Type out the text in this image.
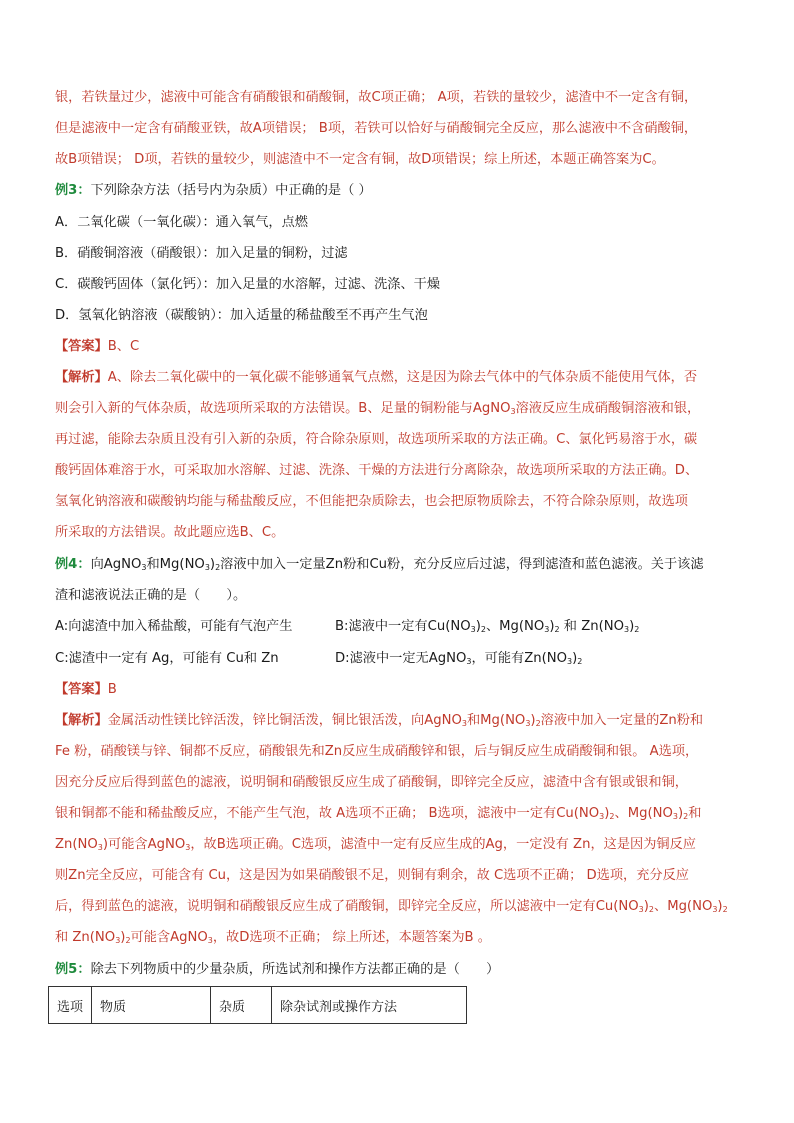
银，若铁量过少，滤液中可能含有硝酸银和硝酸铜，故C项正确； A项，若铁的量较少，滤渣中不一定含有铜，
但是滤液中一定含有硝酸亚铁，故A项错误； B项，若铁可以恰好与硝酸铜完全反应，那么滤液中不含硝酸铜，
故B项错误； D项，若铁的量较少，则滤渣中不一定含有铜，故D项错误；综上所述，本题正确答案为C。
例3：下列除杂方法（括号内为杂质）中正确的是（ ）
A．二氧化碳（一氧化碳）：通入氧气，点燃
B．硝酸铜溶液（硝酸银）：加入足量的铜粉，过滤
C．碳酸钙固体（氯化钙）：加入足量的水溶解，过滤、洗涤、干燥
D．氢氧化钠溶液（碳酸钠）：加入适量的稀盐酸至不再产生气泡
【答案】B、C
【解析】A、除去二氧化碳中的一氧化碳不能够通氧气点燃，这是因为除去气体中的气体杂质不能使用气体，否
则会引入新的气体杂质，故选项所采取的方法错误。B、足量的铜粉能与AgNO$_3$溶液反应生成硝酸铜溶液和银，
再过滤，能除去杂质且没有引入新的杂质，符合除杂原则，故选项所采取的方法正确。C、氯化钙易溶于水，碳
酸钙固体难溶于水，可采取加水溶解、过滤、洗涤、干燥的方法进行分离除杂，故选项所采取的方法正确。D、
氢氧化钠溶液和碳酸钠均能与稀盐酸反应，不但能把杂质除去，也会把原物质除去，不符合除杂原则，故选项
所采取的方法错误。故此题应选B、C。
例4：向AgNO$_3$和$Mg(NO_3)_2$溶液中加入一定量Zn粉和Cu粉，充分反应后过滤，得到滤渣和蓝色滤液。关于该滤
渣和滤液说法正确的是（　　）。
A:向滤渣中加入稀盐酸，可能有气泡产生	B:滤液中一定有$Cu(NO_3)_2$、$Mg(NO_3)_2$ 和 $Zn(NO_3)_2$
C:滤渣中一定有 Ag，可能有 Cu和 Zn	D:滤液中一定无AgNO$_3$，可能有$Zn(NO_3)_2$
【答案】B
【解析】金属活动性镁比锌活泼，锌比铜活泼，铜比银活泼，向AgNO$_3$和$Mg(NO_3)_2$溶液中加入一定量的Zn粉和
Fe 粉，硝酸镁与锌、铜都不反应，硝酸银先和Zn反应生成硝酸锌和银，后与铜反应生成硝酸铜和银。 A选项，
因充分反应后得到蓝色的滤液，说明铜和硝酸银反应生成了硝酸铜，即锌完全反应，滤渣中含有银或银和铜，
银和铜都不能和稀盐酸反应，不能产生气泡，故 A选项不正确； B选项，滤液中一定有$Cu(NO_3)_2$、$Mg(NO_3)_2$和
$Zn(NO_3)$可能含AgNO$_3$，故B选项正确。C选项，滤渣中一定有反应生成的Ag，一定没有 Zn，这是因为铜反应
则Zn完全反应，可能含有 Cu，这是因为如果硝酸银不足，则铜有剩余，故 C选项不正确； D选项，充分反应
后，得到蓝色的滤液，说明铜和硝酸银反应生成了硝酸铜，即锌完全反应，所以滤液中一定有$Cu(NO_3)_2$、$Mg(NO_3)_2$
和 $Zn(NO_3)_2$可能含AgNO$_3$，故D选项不正确； 综上所述，本题答案为B 。
例5：除去下列物质中的少量杂质，所选试剂和操作方法都正确的是（　　）
选项	物质	杂质	除杂试剂或操作方法
